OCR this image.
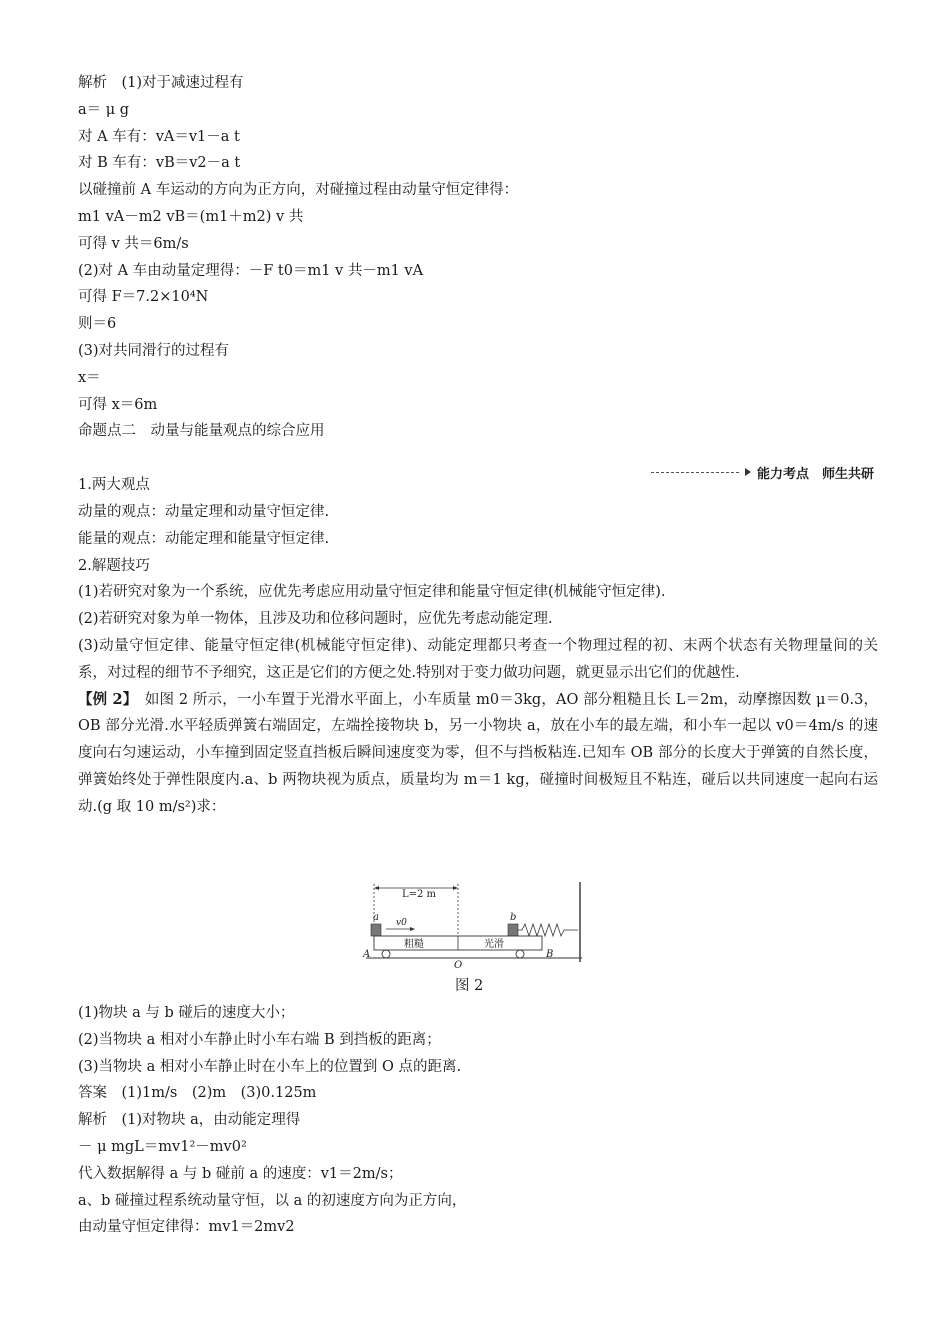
解析　(1)对于减速过程有
a＝ μ g
对 A 车有：vA＝v1－a t
对 B 车有：vB＝v2－a t
以碰撞前 A 车运动的方向为正方向，对碰撞过程由动量守恒定律得：
m1 vA－m2 vB＝(m1＋m2) v 共
可得 v 共＝6m/s
(2)对 A 车由动量定理得：－F t0＝m1 v 共－m1 vA
可得 F＝7.2×10⁴N
则＝6
(3)对共同滑行的过程有
x＝
可得 x＝6m
命题点二　动量与能量观点的综合应用
1.两大观点
动量的观点：动量定理和动量守恒定律.
能量的观点：动能定理和能量守恒定律.
2.解题技巧
(1)若研究对象为一个系统，应优先考虑应用动量守恒定律和能量守恒定律(机械能守恒定律).
(2)若研究对象为单一物体，且涉及功和位移问题时，应优先考虑动能定理.
(3)动量守恒定律、能量守恒定律(机械能守恒定律)、动能定理都只考查一个物理过程的初、末两个状态有关物理量间的关系，对过程的细节不予细究，这正是它们的方便之处.特别对于变力做功问题，就更显示出它们的优越性.
【例 2】　如图 2 所示，一小车置于光滑水平面上，小车质量 m0＝3kg，AO 部分粗糙且长 L＝2m，动摩擦因数 μ＝0.3，OB 部分光滑.水平轻质弹簧右端固定，左端拴接物块 b，另一小物块 a，放在小车的最左端，和小车一起以 v0＝4m/s 的速度向右匀速运动，小车撞到固定竖直挡板后瞬间速度变为零，但不与挡板粘连.已知车 OB 部分的长度大于弹簧的自然长度，弹簧始终处于弹性限度内.a、b 两物块视为质点，质量均为 m＝1 kg，碰撞时间极短且不粘连，碰后以共同速度一起向右运动.(g 取 10 m/s²)求：
能力考点　师生共研
L=2 m
a v0	b
粗糙	光滑
A
O
B
图 2
(1)物块 a 与 b 碰后的速度大小；
(2)当物块 a 相对小车静止时小车右端 B 到挡板的距离；
(3)当物块 a 相对小车静止时在小车上的位置到 O 点的距离.
答案　(1)1m/s　(2)m　(3)0.125m
解析　(1)对物块 a，由动能定理得
－ μ mgL＝mv1²－mv0²
代入数据解得 a 与 b 碰前 a 的速度：v1＝2m/s；
a、b 碰撞过程系统动量守恒，以 a 的初速度方向为正方向，
由动量守恒定律得：mv1＝2mv2
